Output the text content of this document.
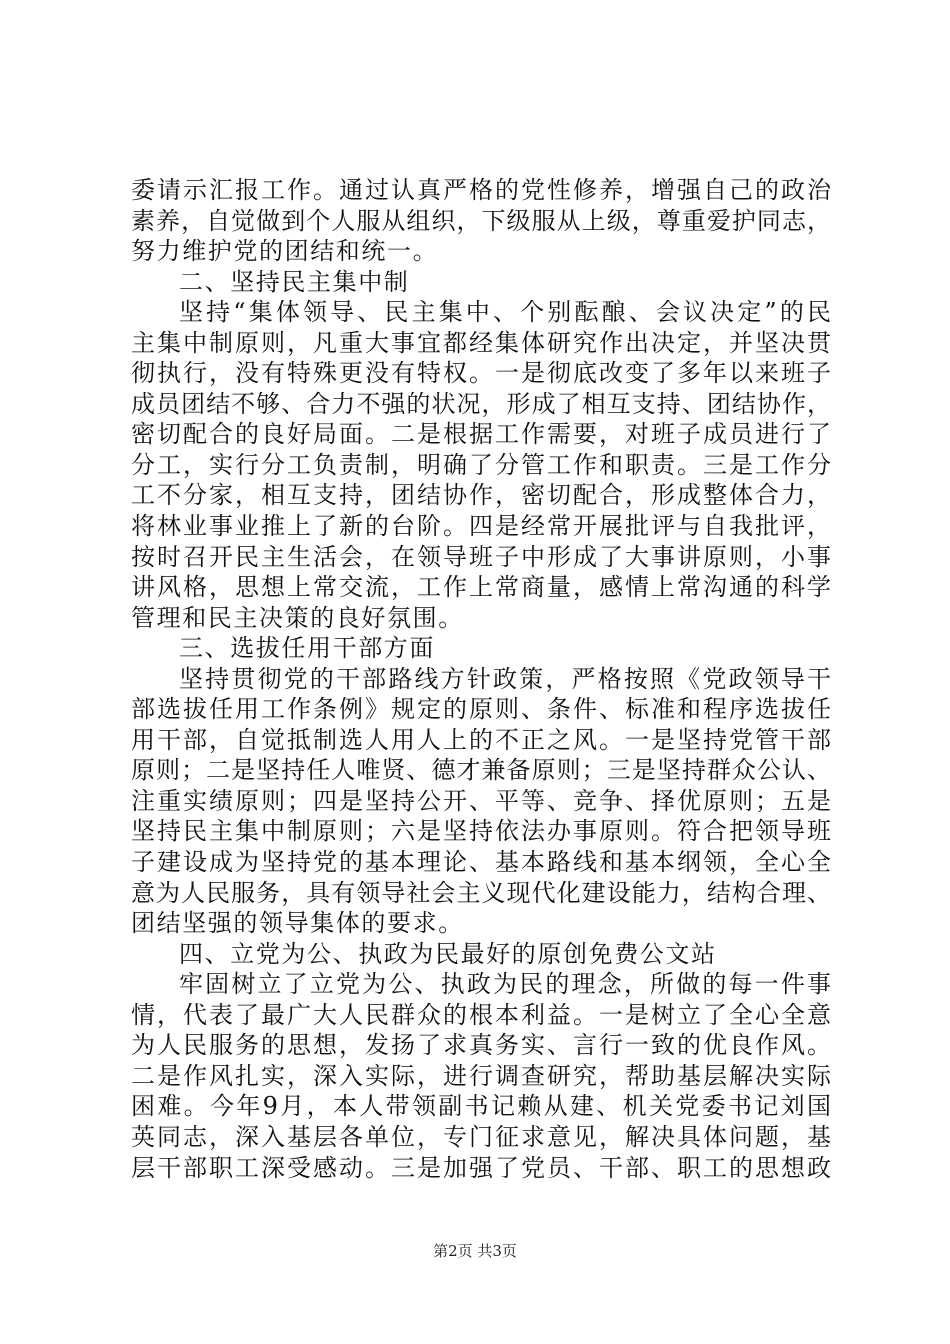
委请示汇报工作。通过认真严格的党性修养，增强自己的政治
素养，自觉做到个人服从组织，下级服从上级，尊重爱护同志，
努力维护党的团结和统一。
二、坚持民主集中制
坚持“集体领导、民主集中、个别酝酿、会议决定”的民
主集中制原则，凡重大事宜都经集体研究作出决定，并坚决贯
彻执行，没有特殊更没有特权。一是彻底改变了多年以来班子
成员团结不够、合力不强的状况，形成了相互支持、团结协作，
密切配合的良好局面。二是根据工作需要，对班子成员进行了
分工，实行分工负责制，明确了分管工作和职责。三是工作分
工不分家，相互支持，团结协作，密切配合，形成整体合力，
将林业事业推上了新的台阶。四是经常开展批评与自我批评，
按时召开民主生活会，在领导班子中形成了大事讲原则，小事
讲风格，思想上常交流，工作上常商量，感情上常沟通的科学
管理和民主决策的良好氛围。
三、选拔任用干部方面
坚持贯彻党的干部路线方针政策，严格按照《党政领导干
部选拔任用工作条例》规定的原则、条件、标准和程序选拔任
用干部，自觉抵制选人用人上的不正之风。一是坚持党管干部
原则；二是坚持任人唯贤、德才兼备原则；三是坚持群众公认、
注重实绩原则；四是坚持公开、平等、竞争、择优原则；五是
坚持民主集中制原则；六是坚持依法办事原则。符合把领导班
子建设成为坚持党的基本理论、基本路线和基本纲领，全心全
意为人民服务，具有领导社会主义现代化建设能力，结构合理、
团结坚强的领导集体的要求。
四、立党为公、执政为民最好的原创免费公文站
牢固树立了立党为公、执政为民的理念，所做的每一件事
情，代表了最广大人民群众的根本利益。一是树立了全心全意
为人民服务的思想，发扬了求真务实、言行一致的优良作风。
二是作风扎实，深入实际，进行调查研究，帮助基层解决实际
困难。今年9月，本人带领副书记赖从建、机关党委书记刘国
英同志，深入基层各单位，专门征求意见，解决具体问题，基
层干部职工深受感动。三是加强了党员、干部、职工的思想政
第2页 共3页
